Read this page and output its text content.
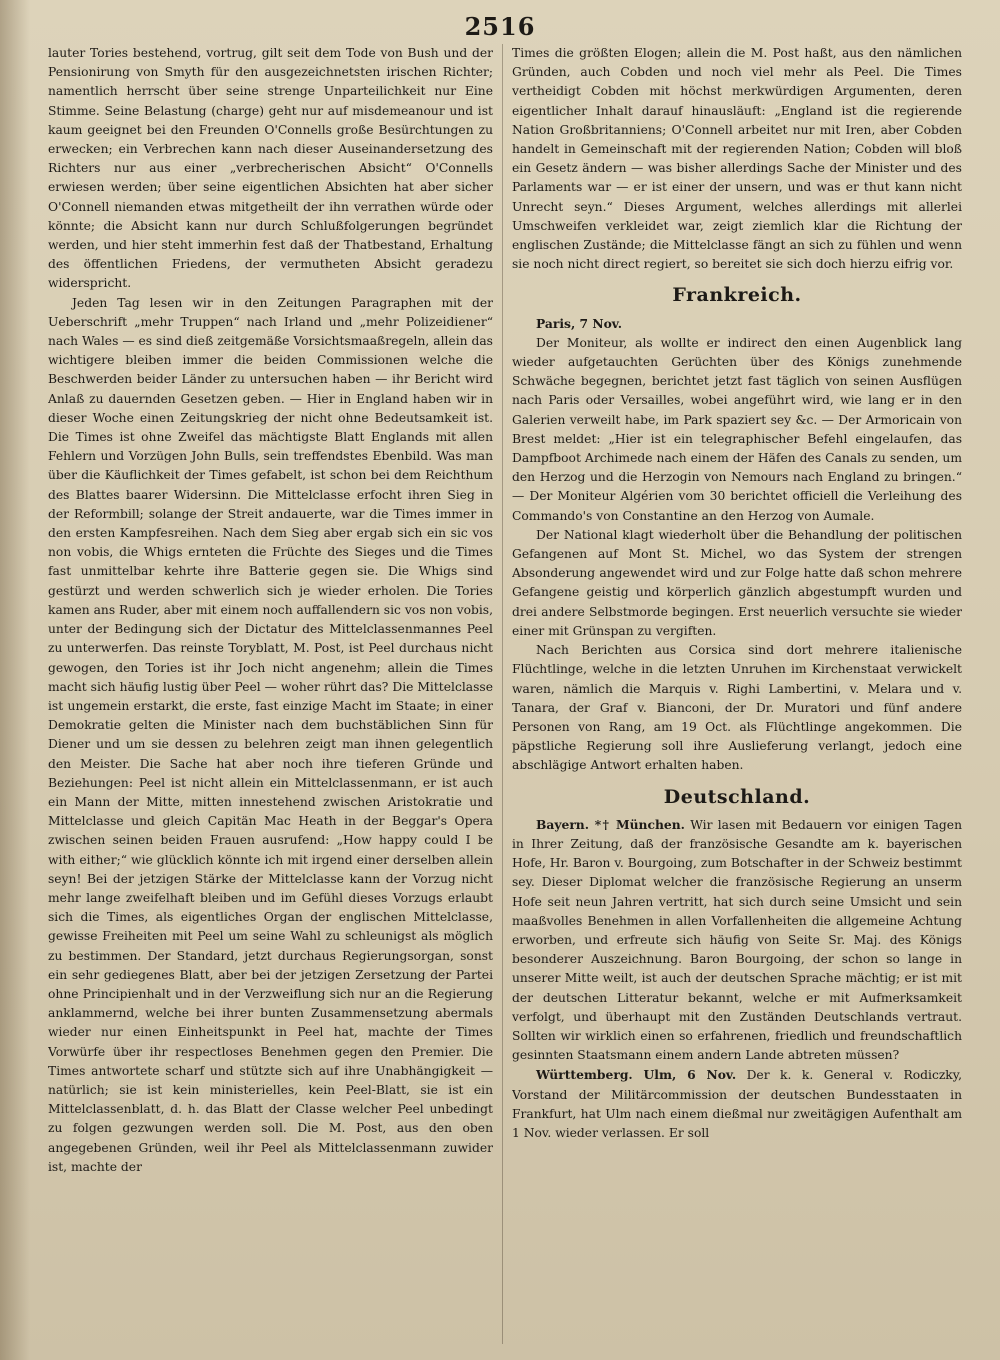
2516

lauter Tories bestehend, vortrug, gilt seit dem Tode von Bush und der Pensionirung von Smyth für den ausgezeichnetsten irischen Richter; namentlich herrscht über seine strenge Unparteilichkeit nur Eine Stimme. Seine Belastung (charge) geht nur auf misdemeanour und ist kaum geeignet bei den Freunden O'Connells große Besürchtungen zu erwecken; ein Verbrechen kann nach dieser Auseinandersetzung des Richters nur aus einer „verbrecherischen Absicht“ O'Connells erwiesen werden; über seine eigentlichen Absichten hat aber sicher O'Connell niemanden etwas mitgetheilt der ihn verrathen würde oder könnte; die Absicht kann nur durch Schlußfolgerungen begründet werden, und hier steht immerhin fest daß der Thatbestand, Erhaltung des öffentlichen Friedens, der vermutheten Absicht geradezu widerspricht.

Jeden Tag lesen wir in den Zeitungen Paragraphen mit der Ueberschrift „mehr Truppen“ nach Irland und „mehr Polizeidiener“ nach Wales — es sind dieß zeitgemäße Vorsichtsmaaßregeln, allein das wichtigere bleiben immer die beiden Commissionen welche die Beschwerden beider Länder zu untersuchen haben — ihr Bericht wird Anlaß zu dauernden Gesetzen geben. — Hier in England haben wir in dieser Woche einen Zeitungskrieg der nicht ohne Bedeutsamkeit ist. Die Times ist ohne Zweifel das mächtigste Blatt Englands mit allen Fehlern und Vorzügen John Bulls, sein treffendstes Ebenbild. Was man über die Käuflichkeit der Times gefabelt, ist schon bei dem Reichthum des Blattes baarer Widersinn. Die Mittelclasse erfocht ihren Sieg in der Reformbill; solange der Streit andauerte, war die Times immer in den ersten Kampfesreihen. Nach dem Sieg aber ergab sich ein sic vos non vobis, die Whigs ernteten die Früchte des Sieges und die Times fast unmittelbar kehrte ihre Batterie gegen sie. Die Whigs sind gestürzt und werden schwerlich sich je wieder erholen. Die Tories kamen ans Ruder, aber mit einem noch auffallendern sic vos non vobis, unter der Bedingung sich der Dictatur des Mittelclassenmannes Peel zu unterwerfen. Das reinste Toryblatt, M. Post, ist Peel durchaus nicht gewogen, den Tories ist ihr Joch nicht angenehm; allein die Times macht sich häufig lustig über Peel — woher rührt das? Die Mittelclasse ist ungemein erstarkt, die erste, fast einzige Macht im Staate; in einer Demokratie gelten die Minister nach dem buchstäblichen Sinn für Diener und um sie dessen zu belehren zeigt man ihnen gelegentlich den Meister. Die Sache hat aber noch ihre tieferen Gründe und Beziehungen: Peel ist nicht allein ein Mittelclassenmann, er ist auch ein Mann der Mitte, mitten innestehend zwischen Aristokratie und Mittelclasse und gleich Capitän Mac Heath in der Beggar's Opera zwischen seinen beiden Frauen ausrufend: „How happy could I be with either;“ wie glücklich könnte ich mit irgend einer derselben allein seyn! Bei der jetzigen Stärke der Mittelclasse kann der Vorzug nicht mehr lange zweifelhaft bleiben und im Gefühl dieses Vorzugs erlaubt sich die Times, als eigentliches Organ der englischen Mittelclasse, gewisse Freiheiten mit Peel um seine Wahl zu schleunigst als möglich zu bestimmen. Der Standard, jetzt durchaus Regierungsorgan, sonst ein sehr gediegenes Blatt, aber bei der jetzigen Zersetzung der Partei ohne Principienhalt und in der Verzweiflung sich nur an die Regierung anklammernd, welche bei ihrer bunten Zusammensetzung abermals wieder nur einen Einheitspunkt in Peel hat, machte der Times Vorwürfe über ihr respectloses Benehmen gegen den Premier. Die Times antwortete scharf und stützte sich auf ihre Unabhängigkeit — natürlich; sie ist kein ministerielles, kein Peel-Blatt, sie ist ein Mittelclassenblatt, d. h. das Blatt der Classe welcher Peel unbedingt zu folgen gezwungen werden soll. Die M. Post, aus den oben angegebenen Gründen, weil ihr Peel als Mittelclassenmann zuwider ist, machte der

Times die größten Elogen; allein die M. Post haßt, aus den nämlichen Gründen, auch Cobden und noch viel mehr als Peel. Die Times vertheidigt Cobden mit höchst merkwürdigen Argumenten, deren eigentlicher Inhalt darauf hinausläuft: „England ist die regierende Nation Großbritanniens; O'Connell arbeitet nur mit Iren, aber Cobden handelt in Gemeinschaft mit der regierenden Nation; Cobden will bloß ein Gesetz ändern — was bisher allerdings Sache der Minister und des Parlaments war — er ist einer der unsern, und was er thut kann nicht Unrecht seyn.“ Dieses Argument, welches allerdings mit allerlei Umschweifen verkleidet war, zeigt ziemlich klar die Richtung der englischen Zustände; die Mittelclasse fängt an sich zu fühlen und wenn sie noch nicht direct regiert, so bereitet sie sich doch hierzu eifrig vor.

Frankreich.

Paris, 7 Nov.

Der Moniteur, als wollte er indirect den einen Augenblick lang wieder aufgetauchten Gerüchten über des Königs zunehmende Schwäche begegnen, berichtet jetzt fast täglich von seinen Ausflügen nach Paris oder Versailles, wobei angeführt wird, wie lang er in den Galerien verweilt habe, im Park spaziert sey &c. — Der Armoricain von Brest meldet: „Hier ist ein telegraphischer Befehl eingelaufen, das Dampfboot Archimede nach einem der Häfen des Canals zu senden, um den Herzog und die Herzogin von Nemours nach England zu bringen.“ — Der Moniteur Algérien vom 30 berichtet officiell die Verleihung des Commando's von Constantine an den Herzog von Aumale.

Der National klagt wiederholt über die Behandlung der politischen Gefangenen auf Mont St. Michel, wo das System der strengen Absonderung angewendet wird und zur Folge hatte daß schon mehrere Gefangene geistig und körperlich gänzlich abgestumpft wurden und drei andere Selbstmorde begingen. Erst neuerlich versuchte sie wieder einer mit Grünspan zu vergiften.

Nach Berichten aus Corsica sind dort mehrere italienische Flüchtlinge, welche in die letzten Unruhen im Kirchenstaat verwickelt waren, nämlich die Marquis v. Righi Lambertini, v. Melara und v. Tanara, der Graf v. Bianconi, der Dr. Muratori und fünf andere Personen von Rang, am 19 Oct. als Flüchtlinge angekommen. Die päpstliche Regierung soll ihre Auslieferung verlangt, jedoch eine abschlägige Antwort erhalten haben.

Deutschland.

Bayern. *† München. Wir lasen mit Bedauern vor einigen Tagen in Ihrer Zeitung, daß der französische Gesandte am k. bayerischen Hofe, Hr. Baron v. Bourgoing, zum Botschafter in der Schweiz bestimmt sey. Dieser Diplomat welcher die französische Regierung an unserm Hofe seit neun Jahren vertritt, hat sich durch seine Umsicht und sein maaßvolles Benehmen in allen Vorfallenheiten die allgemeine Achtung erworben, und erfreute sich häufig von Seite Sr. Maj. des Königs besonderer Auszeichnung. Baron Bourgoing, der schon so lange in unserer Mitte weilt, ist auch der deutschen Sprache mächtig; er ist mit der deutschen Litteratur bekannt, welche er mit Aufmerksamkeit verfolgt, und überhaupt mit den Zuständen Deutschlands vertraut. Sollten wir wirklich einen so erfahrenen, friedlich und freundschaftlich gesinnten Staatsmann einem andern Lande abtreten müssen?

Württemberg. Ulm, 6 Nov. Der k. k. General v. Rodiczky, Vorstand der Militärcommission der deutschen Bundesstaaten in Frankfurt, hat Ulm nach einem dießmal nur zweitägigen Aufenthalt am 1 Nov. wieder verlassen. Er soll
